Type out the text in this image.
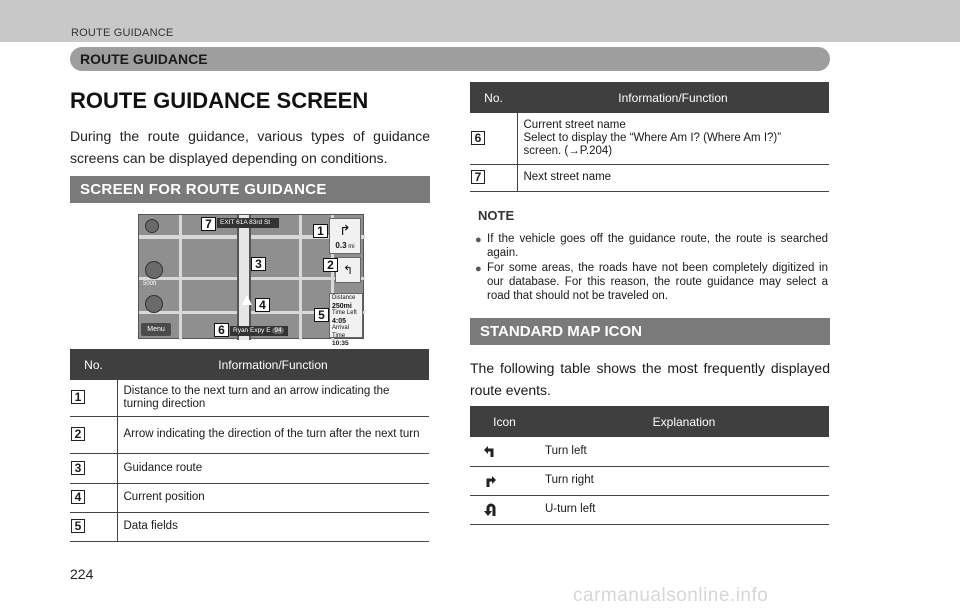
ROUTE GUIDANCE
ROUTE GUIDANCE
ROUTE GUIDANCE SCREEN

During the route guidance, various types of guidance screens can be displayed depending on conditions.

SCREEN FOR ROUTE GUIDANCE
500ft
Menu
EXIT 61A 83rd St
Ryan Expy E 94
↱
0.3 mi
↰
Distance
250mi
Time Left
4:05
Arrival Time
10:35
7	1
3	2
4
5
6
No.	Information/Function
1	Distance to the next turn and an arrow indicating the turning direction
2	Arrow indicating the direction of the turn after the next turn
3	Guidance route
4	Current position
5	Data fields
No.	Information/Function
6	Current street name
Select to display the “Where Am I? (Where Am I?)”
screen. (→P.204)

7	Next street name
NOTE
● If the vehicle goes off the guidance route, the route is searched again.
● For some areas, the roads have not been completely digitized in our database. For this reason, the route guidance may select a road that should not be traveled on.
STANDARD MAP ICON

The following table shows the most frequently displayed route events.

Icon	Explanation

	Turn left

	Turn right

	U-turn left
224
carmanualsonline.info
